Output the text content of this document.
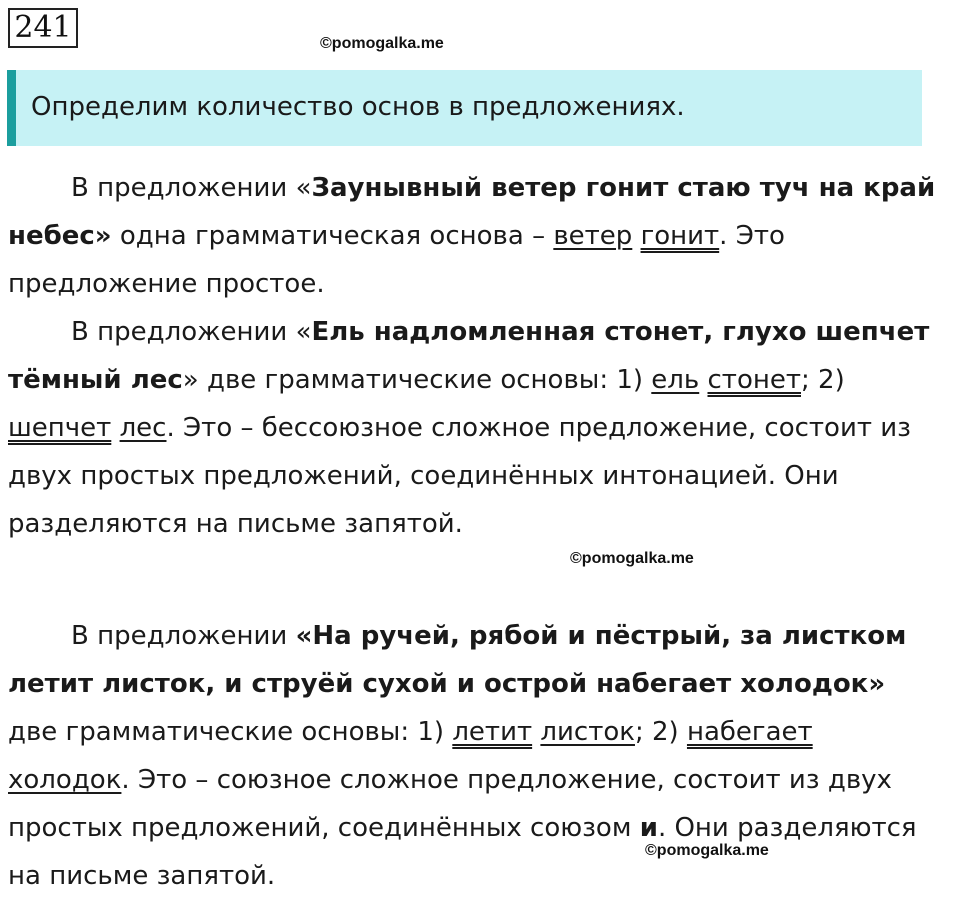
241	©pomogalka.me
Определим количество основ в предложениях.

В предложении «Заунывный ветер гонит стаю туч на край небес» одна грамматическая основа – ветер гонит. Это предложение простое.

В предложении «Ель надломленная стонет, глухо шепчет тёмный лес» две грамматические основы: 1) ель стонет; 2) шепчет лес. Это – бессоюзное сложное предложение, состоит из двух простых предложений, соединённых интонацией. Они разделяются на письме запятой.

©pomogalka.me

В предложении «На ручей, рябой и пёстрый, за листком летит листок, и струёй сухой и острой набегает холодок» две грамматические основы: 1) летит листок; 2) набегает холодок. Это – союзное сложное предложение, состоит из двух простых предложений, соединённых союзом и. Они разделяются на письме запятой.

©pomogalka.me
